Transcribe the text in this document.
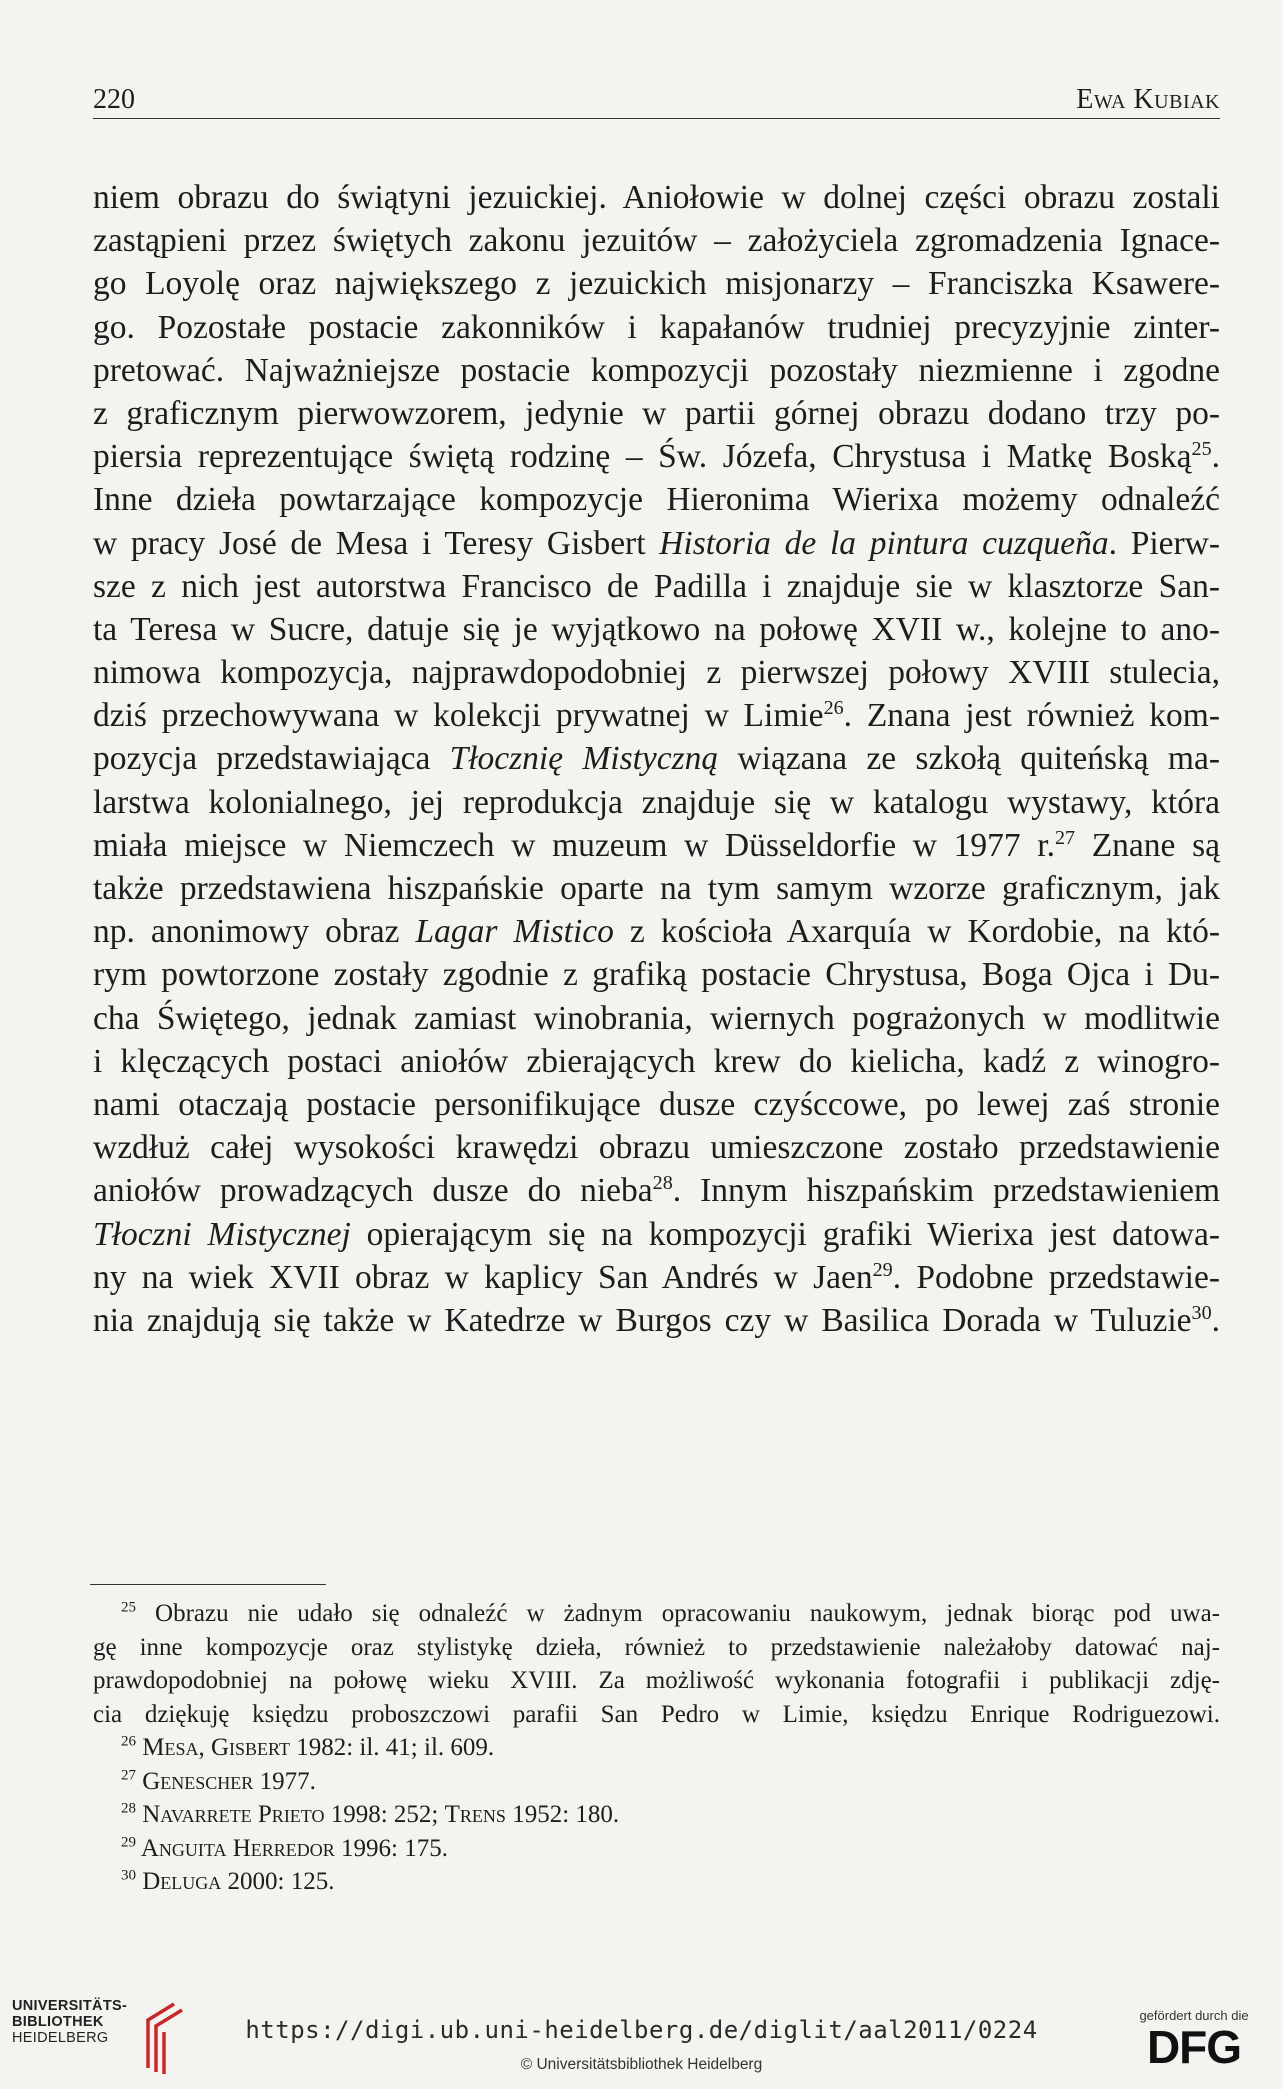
220	Ewa Kubiak
niem obrazu do świątyni jezuickiej. Aniołowie w dolnej części obrazu zostali
zastąpieni przez świętych zakonu jezuitów – założyciela zgromadzenia Ignace-
go Loyolę oraz największego z jezuickich misjonarzy – Franciszka Ksawere-
go. Pozostałe postacie zakonników i kapałanów trudniej precyzyjnie zinter-
pretować. Najważniejsze postacie kompozycji pozostały niezmienne i zgodne
z graficznym pierwowzorem, jedynie w partii górnej obrazu dodano trzy po-
piersia reprezentujące świętą rodzinę – Św. Józefa, Chrystusa i Matkę Boską$^{25}$.
Inne dzieła powtarzające kompozycje Hieronima Wierixa możemy odnaleźć
w pracy José de Mesa i Teresy Gisbert Historia de la pintura cuzqueña. Pierw-
sze z nich jest autorstwa Francisco de Padilla i znajduje sie w klasztorze San-
ta Teresa w Sucre, datuje się je wyjątkowo na połowę XVII w., kolejne to ano-
nimowa kompozycja, najprawdopodobniej z pierwszej połowy XVIII stulecia,
dziś przechowywana w kolekcji prywatnej w Limie$^{26}$. Znana jest również kom-
pozycja przedstawiająca Tłocznię Mistyczną wiązana ze szkołą quiteńską ma-
larstwa kolonialnego, jej reprodukcja znajduje się w katalogu wystawy, która
miała miejsce w Niemczech w muzeum w Düsseldorfie w 1977 r.$^{27}$ Znane są
także przedstawiena hiszpańskie oparte na tym samym wzorze graficznym, jak
np. anonimowy obraz Lagar Mistico z kościoła Axarquía w Kordobie, na któ-
rym powtorzone zostały zgodnie z grafiką postacie Chrystusa, Boga Ojca i Du-
cha Świętego, jednak zamiast winobrania, wiernych pograżonych w modlitwie
i klęczących postaci aniołów zbierających krew do kielicha, kadź z winogro-
nami otaczają postacie personifikujące dusze czyśccowe, po lewej zaś stronie
wzdłuż całej wysokości krawędzi obrazu umieszczone zostało przedstawienie
aniołów prowadzących dusze do nieba$^{28}$. Innym hiszpańskim przedstawieniem
Tłoczni Mistycznej opierającym się na kompozycji grafiki Wierixa jest datowa-
ny na wiek XVII obraz w kaplicy San Andrés w Jaen$^{29}$. Podobne przedstawie-
nia znajdują się także w Katedrze w Burgos czy w Basilica Dorada w Tuluzie$^{30}$.
$^{25}$ Obrazu nie udało się odnaleźć w żadnym opracowaniu naukowym, jednak biorąc pod uwa-
gę inne kompozycje oraz stylistykę dzieła, również to przedstawienie należałoby datować naj-
prawdopodobniej na połowę wieku XVIII. Za możliwość wykonania fotografii i publikacji zdję-
cia dziękuję księdzu proboszczowi parafii San Pedro w Limie, księdzu Enrique Rodriguezowi.
$^{26}$ Mesa, Gisbert 1982: il. 41; il. 609.
$^{27}$ Genescher 1977.
$^{28}$ Navarrete Prieto 1998: 252; Trens 1952: 180.
$^{29}$ Anguita Herredor 1996: 175.
$^{30}$ Deluga 2000: 125.
UNIVERSITÄTS-
BIBLIOTHEK
HEIDELBERG	https://digi.ub.uni-heidelberg.de/diglit/aal2011/0224
© Universitätsbibliothek Heidelberg
gefördert durch die
DFG
